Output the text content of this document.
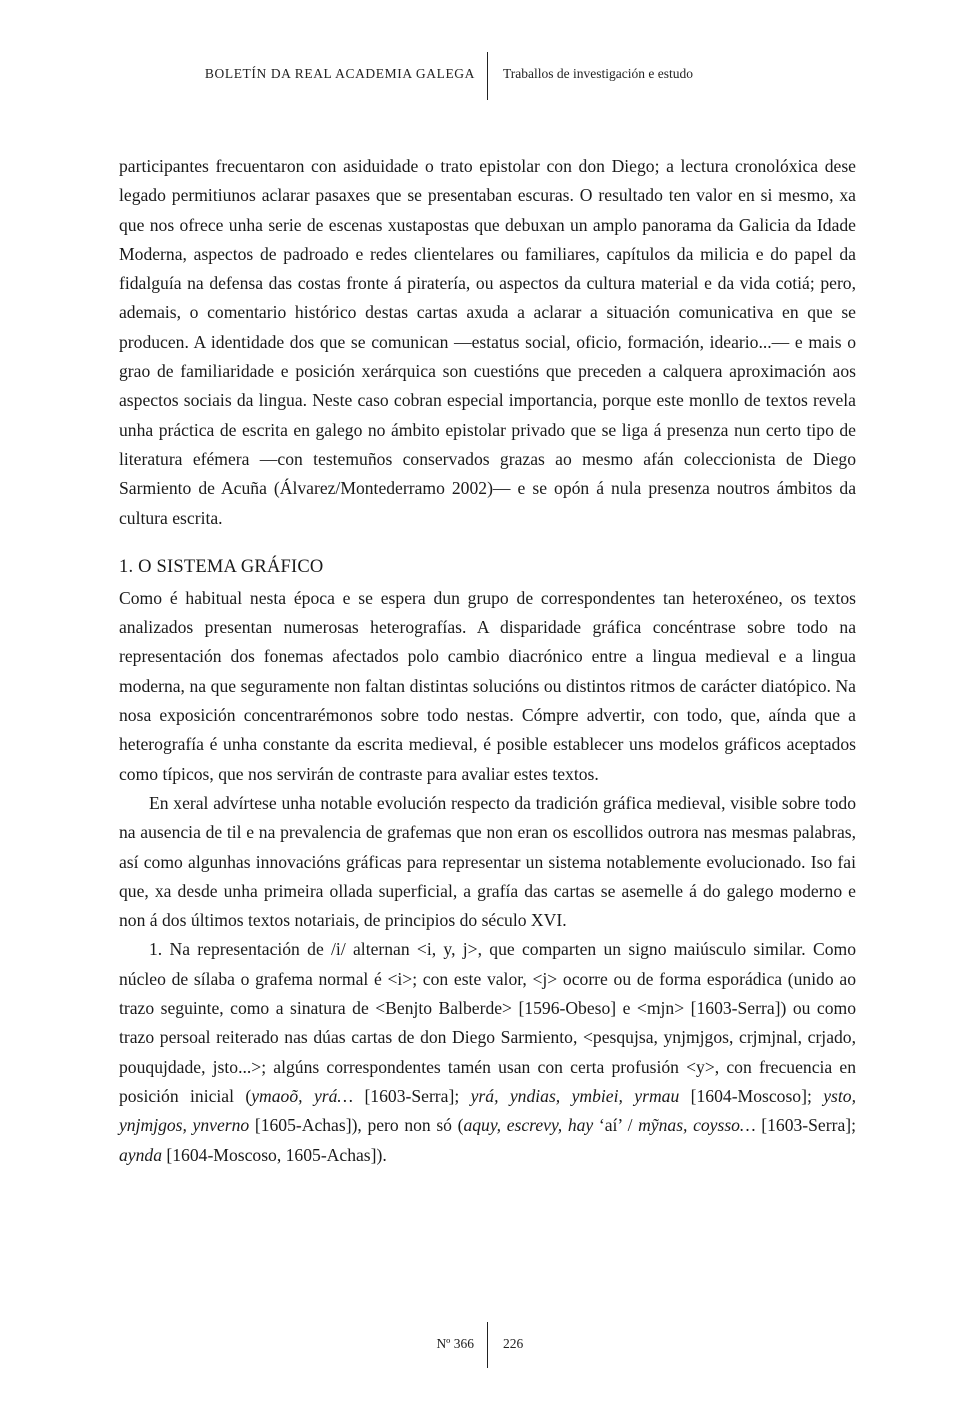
BOLETÍN DA REAL ACADEMIA GALEGA Traballos de investigación e estudo

participantes frecuentaron con asiduidade o trato epistolar con don Diego; a lectura cronolóxica dese legado permitiunos aclarar pasaxes que se presentaban escuras. O resultado ten valor en si mesmo, xa que nos ofrece unha serie de escenas xustapostas que debuxan un amplo panorama da Galicia da Idade Moderna, aspectos de padroado e redes clientelares ou familiares, capítulos da milicia e do papel da fidalguía na defensa das costas fronte á piratería, ou aspectos da cultura material e da vida cotiá; pero, ademais, o comentario histórico destas cartas axuda a aclarar a situación comunicativa en que se producen. A identidade dos que se comunican —estatus social, oficio, formación, ideario...— e mais o grao de familiaridade e posición xerárquica son cuestións que preceden a calquera aproximación aos aspectos sociais da lingua. Neste caso cobran especial importancia, porque este monllo de textos revela unha práctica de escrita en galego no ámbito epistolar privado que se liga á presenza nun certo tipo de literatura efémera —con testemuños conservados grazas ao mesmo afán coleccionista de Diego Sarmiento de Acuña (Álvarez/Montederramo 2002)— e se opón á nula presenza noutros ámbitos da cultura escrita.

1. O SISTEMA GRÁFICO

Como é habitual nesta época e se espera dun grupo de correspondentes tan heteroxéneo, os textos analizados presentan numerosas heterografías. A disparidade gráfica concéntrase sobre todo na representación dos fonemas afectados polo cambio diacrónico entre a lingua medieval e a lingua moderna, na que seguramente non faltan distintas solucións ou distintos ritmos de carácter diatópico. Na nosa exposición concentrarémonos sobre todo nestas. Cómpre advertir, con todo, que, aínda que a heterografía é unha constante da escrita medieval, é posible establecer uns modelos gráficos aceptados como típicos, que nos servirán de contraste para avaliar estes textos.

En xeral advírtese unha notable evolución respecto da tradición gráfica medieval, visible sobre todo na ausencia de til e na prevalencia de grafemas que non eran os escollidos outrora nas mesmas palabras, así como algunhas innovacións gráficas para representar un sistema notablemente evolucionado. Iso fai que, xa desde unha primeira ollada superficial, a grafía das cartas se asemelle á do galego moderno e non á dos últimos textos notariais, de principios do século XVI.

1. Na representación de /i/ alternan <i, y, j>, que comparten un signo maiúsculo similar. Como núcleo de sílaba o grafema normal é <i>; con este valor, <j> ocorre ou de forma esporádica (unido ao trazo seguinte, como a sinatura de <Benjto Balberde> [1596-Obeso] e <mjn> [1603-Serra]) ou como trazo persoal reiterado nas dúas cartas de don Diego Sarmiento, <pesqujsa, ynjmjgos, crjmjnal, crjado, pouqujdade, jsto...>; algúns correspondentes tamén usan con certa profusión <y>, con frecuencia en posición inicial (ymaoõ, yrá… [1603-Serra]; yrá, yndias, ymbiei, yrmau [1604-Moscoso]; ysto, ynjmjgos, ynverno [1605-Achas]), pero non só (aquy, escrevy, hay ‘aí’ / mỹnas, coysso… [1603-Serra]; aynda [1604-Moscoso, 1605-Achas]).

Nº 366 226
